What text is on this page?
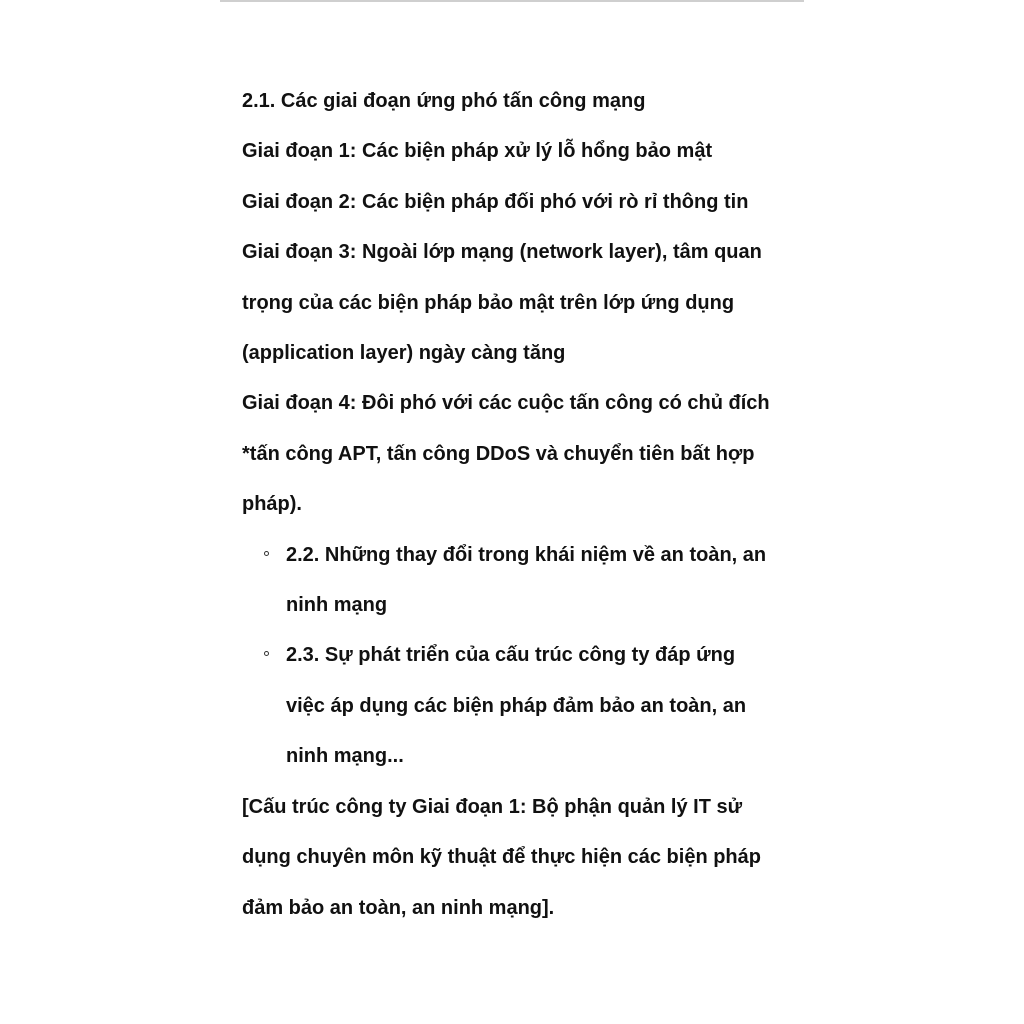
2.1. Các giai đoạn ứng phó tấn công mạng
Giai đoạn 1: Các biện pháp xử lý lỗ hổng bảo mật
Giai đoạn 2: Các biện pháp đối phó với rò rỉ thông tin
Giai đoạn 3: Ngoài lớp mạng (network layer), tâm quan
trọng của các biện pháp bảo mật trên lớp ứng dụng
(application layer) ngày càng tăng
Giai đoạn 4: Đôi phó với các cuộc tấn công có chủ đích
*tấn công APT, tấn công DDoS và chuyển tiên bất hợp
pháp).
2.2. Những thay đổi trong khái niệm về an toàn, an
ninh mạng
2.3. Sự phát triển của cấu trúc công ty đáp ứng
việc áp dụng các biện pháp đảm bảo an toàn, an
ninh mạng...
[Cấu trúc công ty Giai đoạn 1: Bộ phận quản lý IT sử
dụng chuyên môn kỹ thuật để thực hiện các biện pháp
đảm bảo an toàn, an ninh mạng].
